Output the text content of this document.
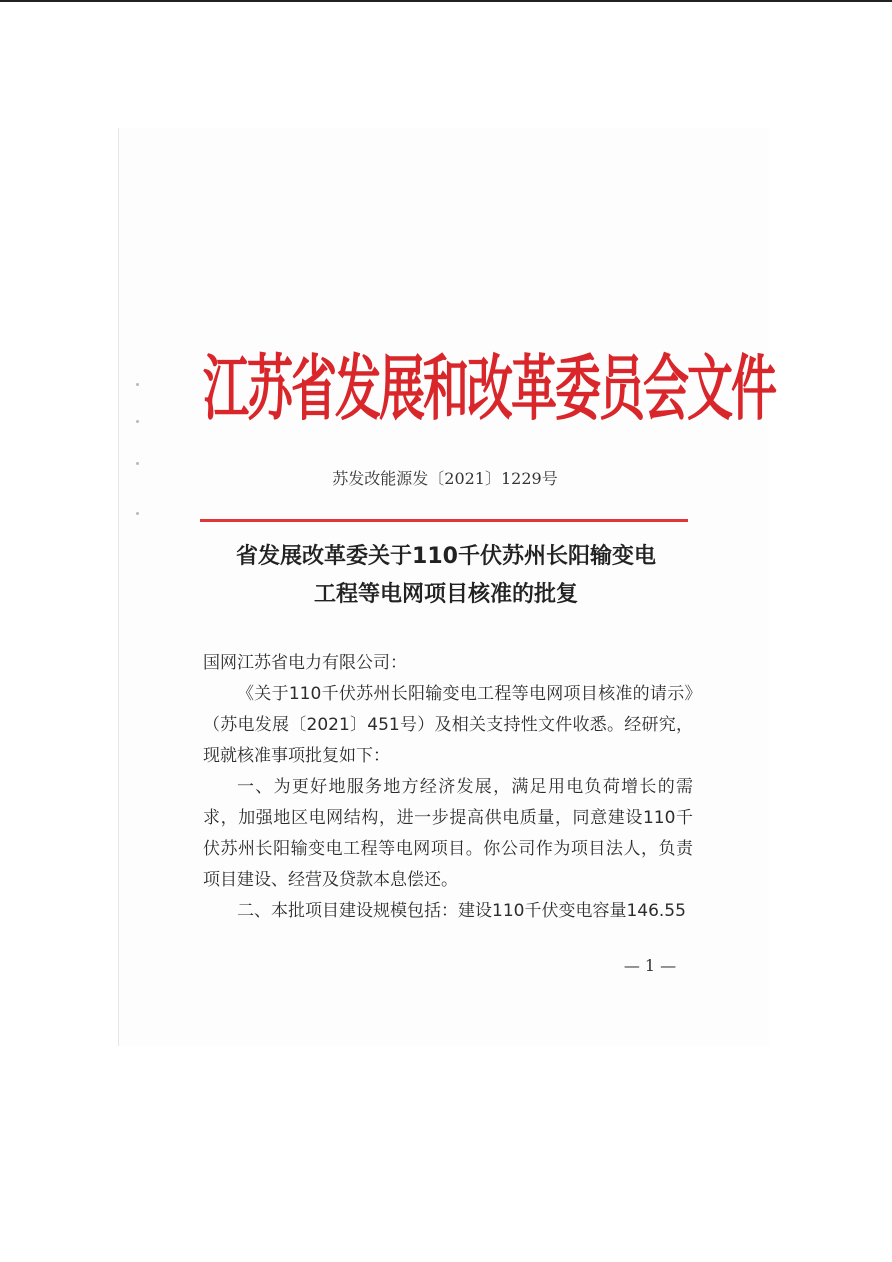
江苏省发展和改革委员会文件
苏发改能源发〔2021〕1229号
省发展改革委关于110千伏苏州长阳输变电
工程等电网项目核准的批复

国网江苏省电力有限公司：

《关于110千伏苏州长阳输变电工程等电网项目核准的请示》（苏电发展〔2021〕451号）及相关支持性文件收悉。经研究，现就核准事项批复如下：

一、为更好地服务地方经济发展，满足用电负荷增长的需求，加强地区电网结构，进一步提高供电质量，同意建设110千伏苏州长阳输变电工程等电网项目。你公司作为项目法人，负责项目建设、经营及贷款本息偿还。

二、本批项目建设规模包括：建设110千伏变电容量146.55

— 1 —
